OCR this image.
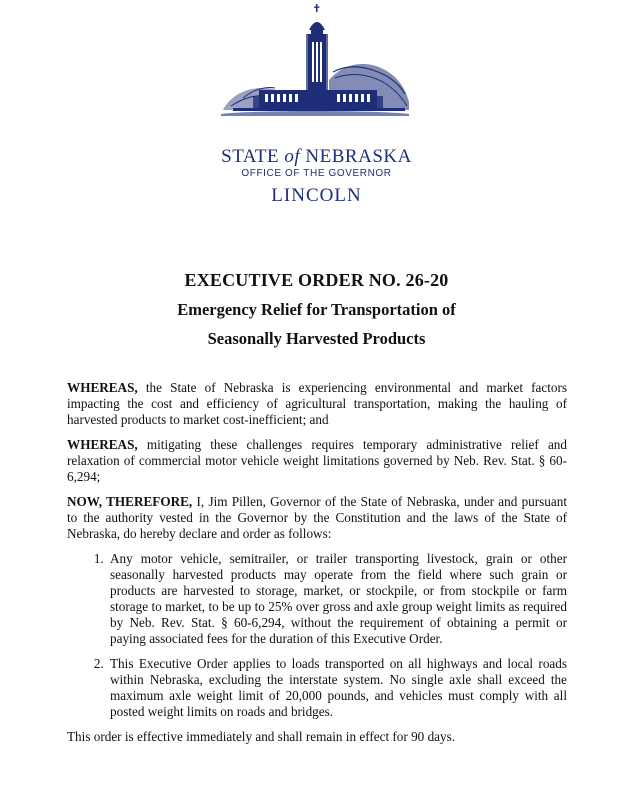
STATE of NEBRASKA
OFFICE OF THE GOVERNOR
LINCOLN
EXECUTIVE ORDER NO. 26-20
Emergency Relief for Transportation of
Seasonally Harvested Products

WHEREAS, the State of Nebraska is experiencing environmental and market factors impacting the cost and efficiency of agricultural transportation, making the hauling of harvested products to market cost-inefficient; and

WHEREAS, mitigating these challenges requires temporary administrative relief and relaxation of commercial motor vehicle weight limitations governed by Neb. Rev. Stat. § 60-6,294;

NOW, THEREFORE, I, Jim Pillen, Governor of the State of Nebraska, under and pursuant to the authority vested in the Governor by the Constitution and the laws of the State of Nebraska, do hereby declare and order as follows:

1. Any motor vehicle, semitrailer, or trailer transporting livestock, grain or other seasonally harvested products may operate from the field where such grain or products are harvested to storage, market, or stockpile, or from stockpile or farm storage to market, to be up to 25% over gross and axle group weight limits as required by Neb. Rev. Stat. § 60-6,294, without the requirement of obtaining a permit or paying associated fees for the duration of this Executive Order.
2. This Executive Order applies to loads transported on all highways and local roads within Nebraska, excluding the interstate system. No single axle shall exceed the maximum axle weight limit of 20,000 pounds, and vehicles must comply with all posted weight limits on roads and bridges.

This order is effective immediately and shall remain in effect for 90 days.
